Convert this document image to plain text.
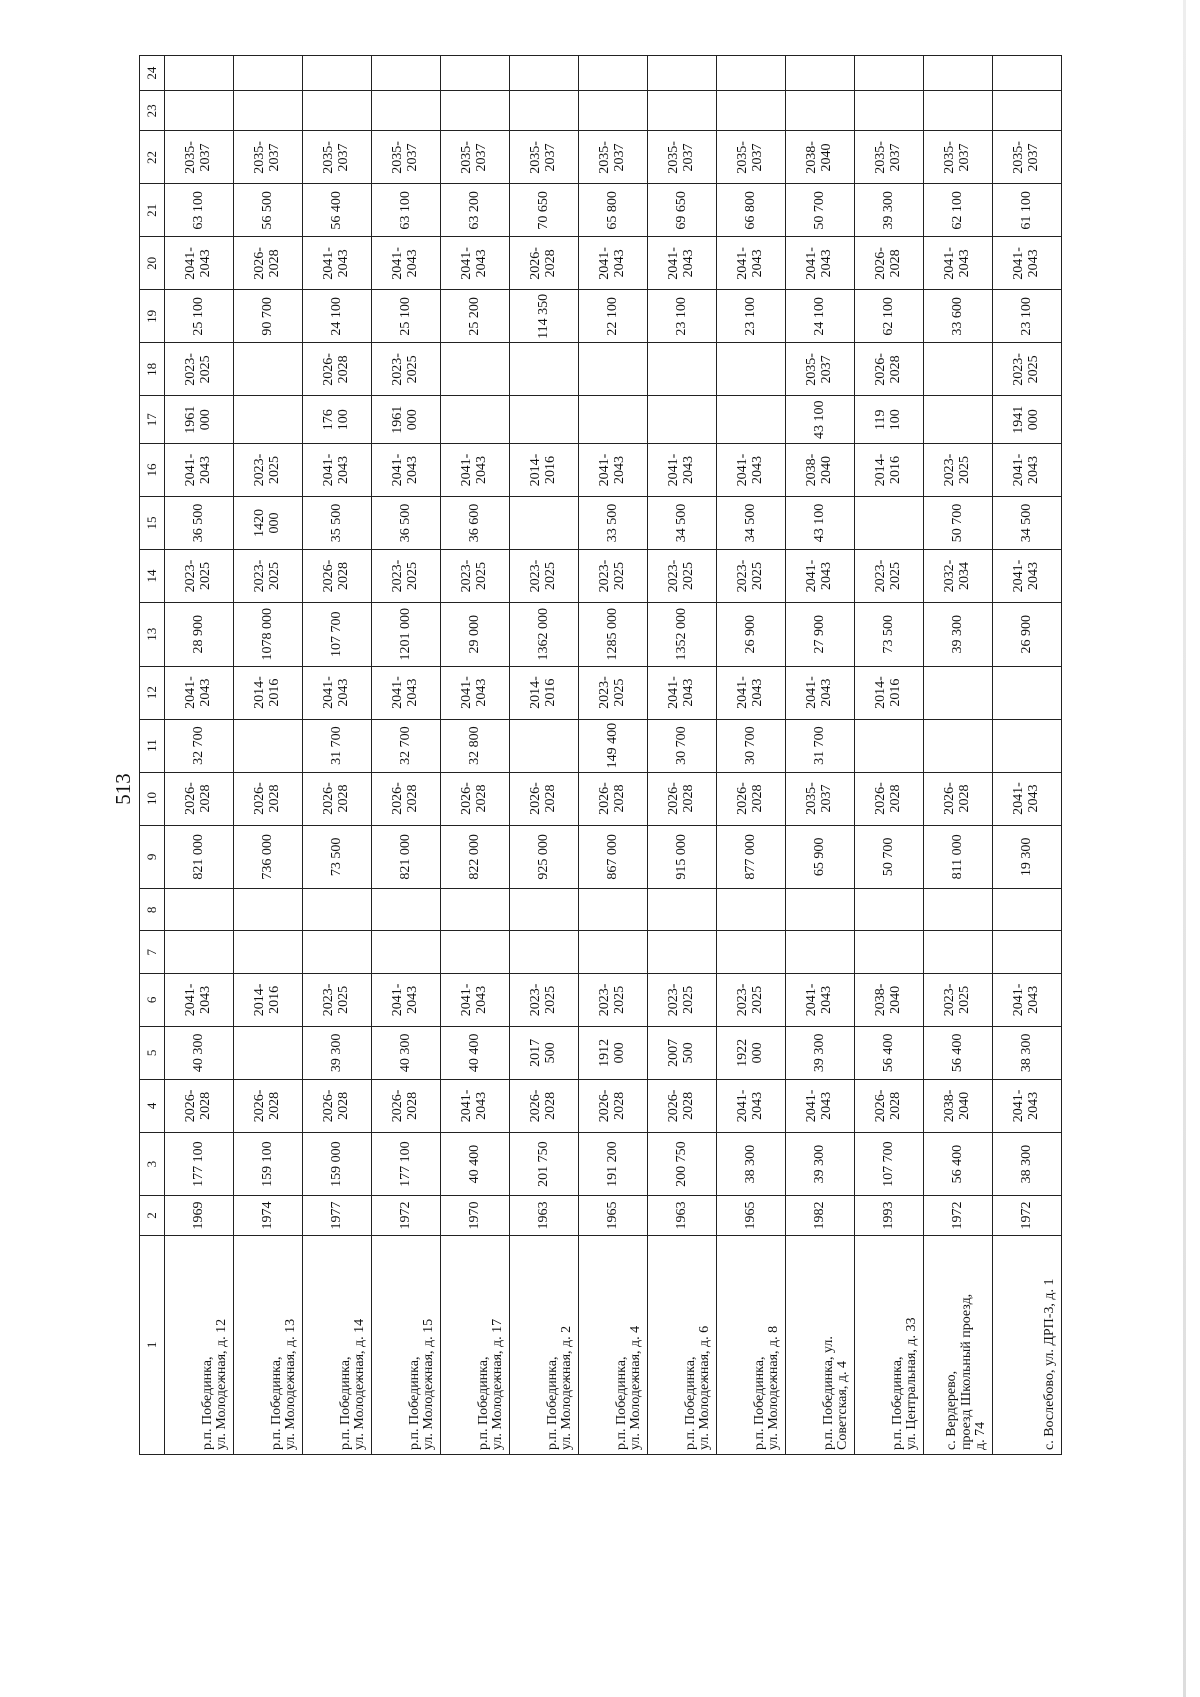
513
1	2	3	4	5	6	7	8	9	10	11	12	13	14	15	16	17	18	19	20	21	22	23	24
р.п. Побединка,
ул. Молодежная, д. 12	1969	177 100	2026-2028	40 300	2041-2043			821 000	2026-2028	32 700	2041-2043	28 900	2023-2025	36 500	2041-2043	1961 000	2023-2025	25 100	2041-2043	63 100	2035-2037		
р.п. Побединка,
ул. Молодежная, д. 13	1974	159 100	2026-2028		2014-2016			736 000	2026-2028		2014-2016	1078 000	2023-2025	1420 000	2023-2025			90 700	2026-2028	56 500	2035-2037		
р.п. Побединка,
ул. Молодежная, д. 14	1977	159 000	2026-2028	39 300	2023-2025			73 500	2026-2028	31 700	2041-2043	107 700	2026-2028	35 500	2041-2043	176 100	2026-2028	24 100	2041-2043	56 400	2035-2037		
р.п. Побединка,
ул. Молодежная, д. 15	1972	177 100	2026-2028	40 300	2041-2043			821 000	2026-2028	32 700	2041-2043	1201 000	2023-2025	36 500	2041-2043	1961 000	2023-2025	25 100	2041-2043	63 100	2035-2037		
р.п. Побединка,
ул. Молодежная, д. 17	1970	40 400	2041-2043	40 400	2041-2043			822 000	2026-2028	32 800	2041-2043	29 000	2023-2025	36 600	2041-2043			25 200	2041-2043	63 200	2035-2037		
р.п. Побединка,
ул. Молодежная, д. 2	1963	201 750	2026-2028	2017 500	2023-2025			925 000	2026-2028		2014-2016	1362 000	2023-2025		2014-2016			114 350	2026-2028	70 650	2035-2037		
р.п. Побединка,
ул. Молодежная, д. 4	1965	191 200	2026-2028	1912 000	2023-2025			867 000	2026-2028	149 400	2023-2025	1285 000	2023-2025	33 500	2041-2043			22 100	2041-2043	65 800	2035-2037		
р.п. Побединка,
ул. Молодежная, д. 6	1963	200 750	2026-2028	2007 500	2023-2025			915 000	2026-2028	30 700	2041-2043	1352 000	2023-2025	34 500	2041-2043			23 100	2041-2043	69 650	2035-2037		
р.п. Побединка,
ул. Молодежная, д. 8	1965	38 300	2041-2043	1922 000	2023-2025			877 000	2026-2028	30 700	2041-2043	26 900	2023-2025	34 500	2041-2043			23 100	2041-2043	66 800	2035-2037		
р.п. Побединка, ул.
Советская, д. 4	1982	39 300	2041-2043	39 300	2041-2043			65 900	2035-2037	31 700	2041-2043	27 900	2041-2043	43 100	2038-2040	43 100	2035-2037	24 100	2041-2043	50 700	2038-2040		
р.п. Побединка,
ул. Центральная, д. 33	1993	107 700	2026-2028	56 400	2038-2040			50 700	2026-2028		2014-2016	73 500	2023-2025		2014-2016	119 100	2026-2028	62 100	2026-2028	39 300	2035-2037		
с. Вердерево,
проезд Школьный проезд,
д. 74	1972	56 400	2038-2040	56 400	2023-2025			811 000	2026-2028			39 300	2032-2034	50 700	2023-2025			33 600	2041-2043	62 100	2035-2037		
с. Вослебово, ул. ДРП-3, д. 1	1972	38 300	2041-2043	38 300	2041-2043			19 300	2041-2043			26 900	2041-2043	34 500	2041-2043	1941 000	2023-2025	23 100	2041-2043	61 100	2035-2037		
